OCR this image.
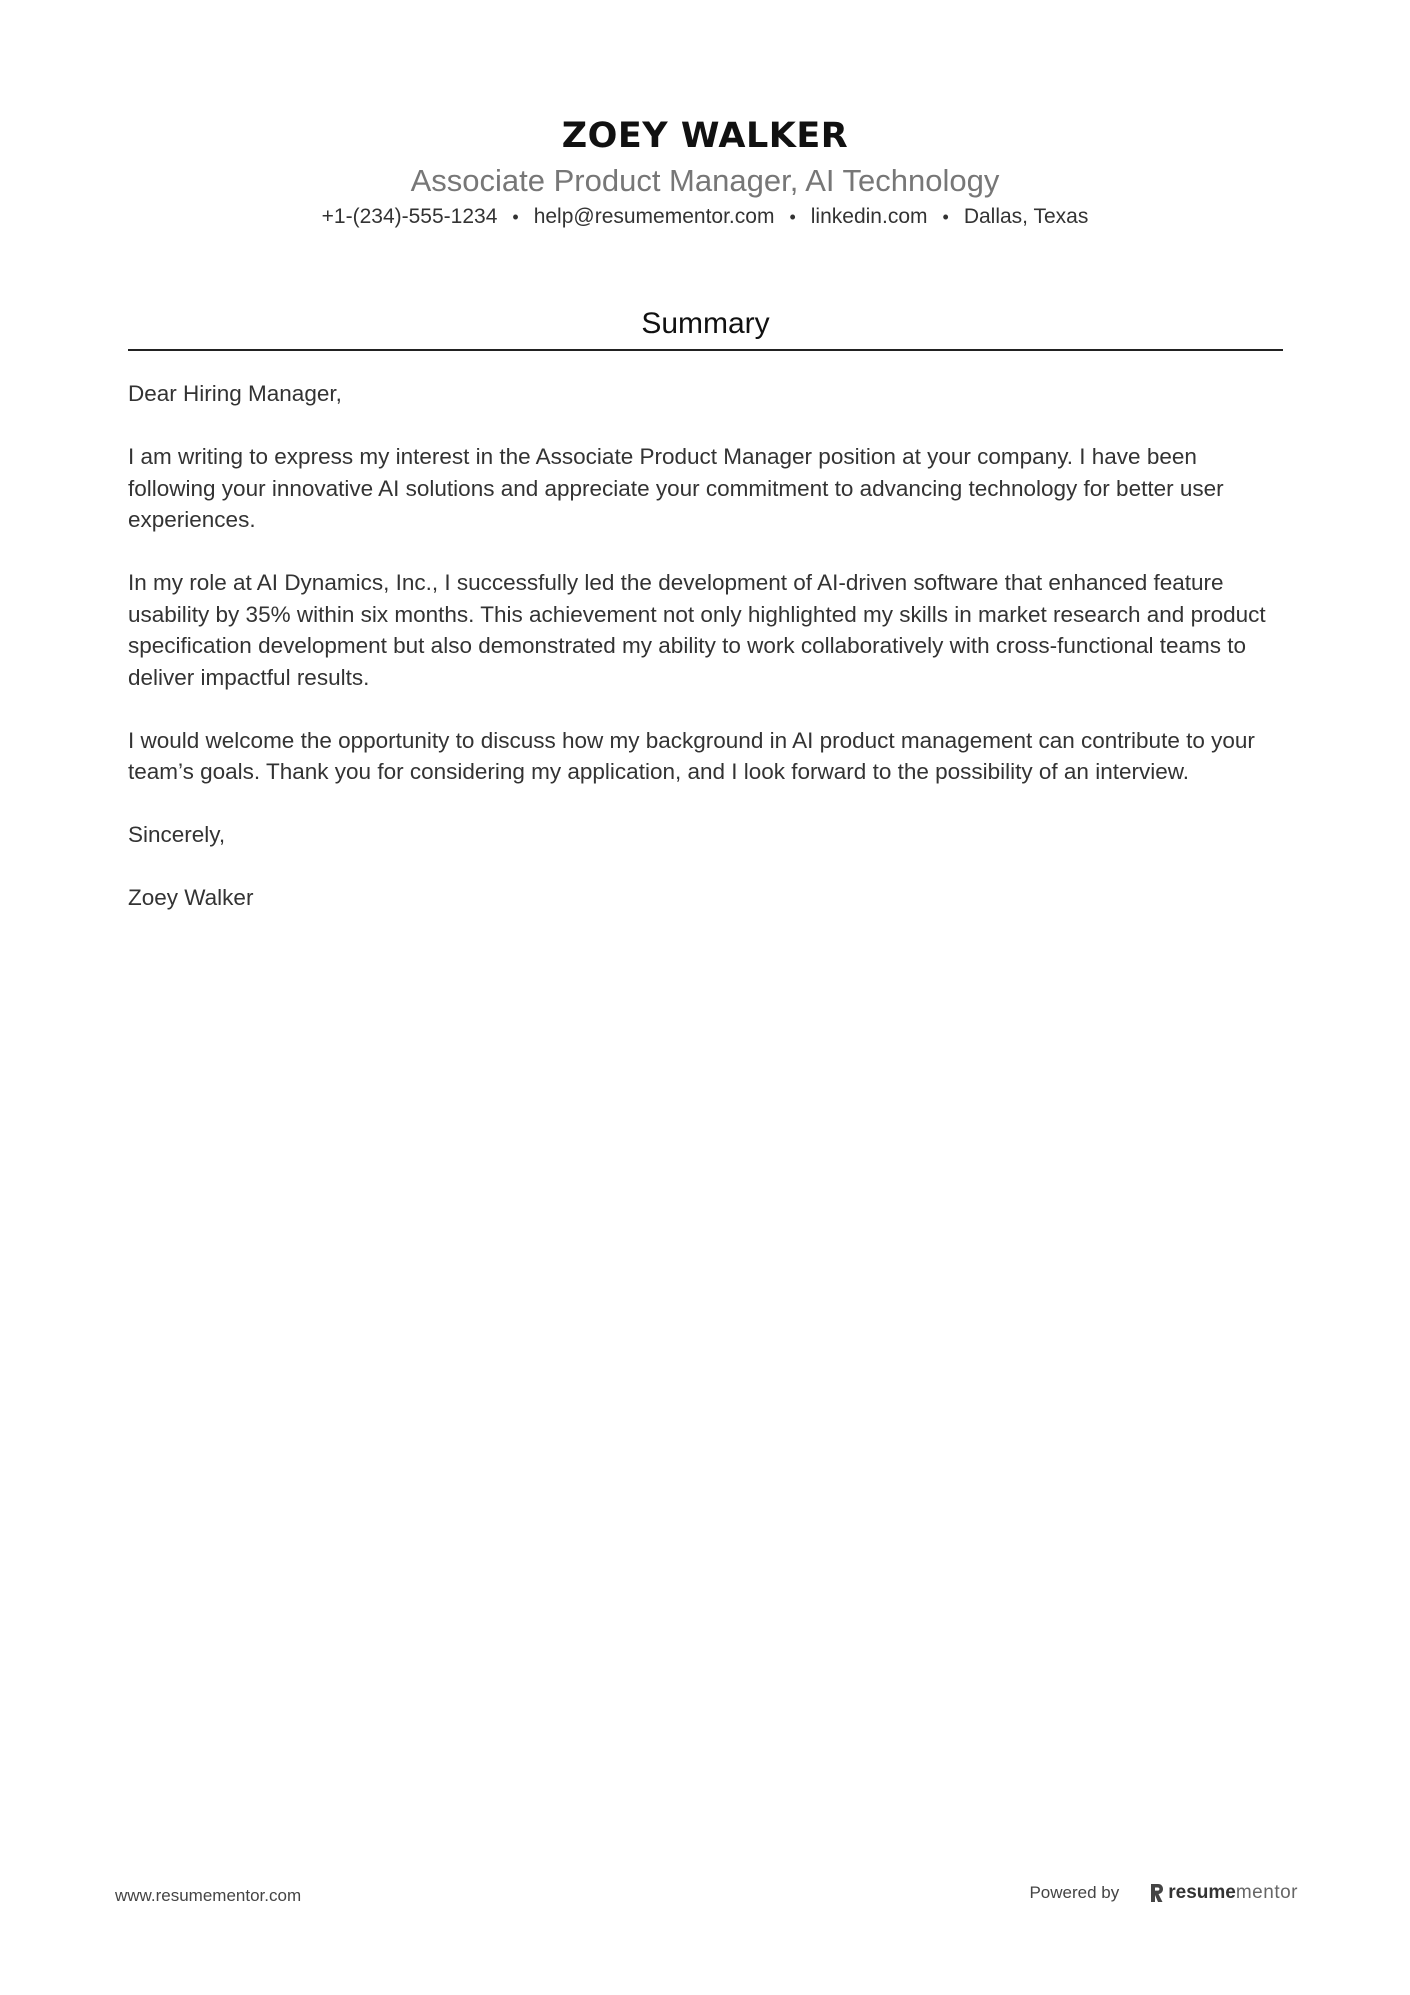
ZOEY WALKER
Associate Product Manager, AI Technology
+1-(234)-555-1234 • help@resumementor.com • linkedin.com • Dallas, Texas
Summary

Dear Hiring Manager,

I am writing to express my interest in the Associate Product Manager position at your company. I have been following your innovative AI solutions and appreciate your commitment to advancing technology for better user experiences.

In my role at AI Dynamics, Inc., I successfully led the development of AI-driven software that enhanced feature usability by 35% within six months. This achievement not only highlighted my skills in market research and product specification development but also demonstrated my ability to work collaboratively with cross-functional teams to deliver impactful results.

I would welcome the opportunity to discuss how my background in AI product management can contribute to your team’s goals. Thank you for considering my application, and I look forward to the possibility of an interview.

Sincerely,

Zoey Walker

www.resumementor.com	Powered by	resume mentor
